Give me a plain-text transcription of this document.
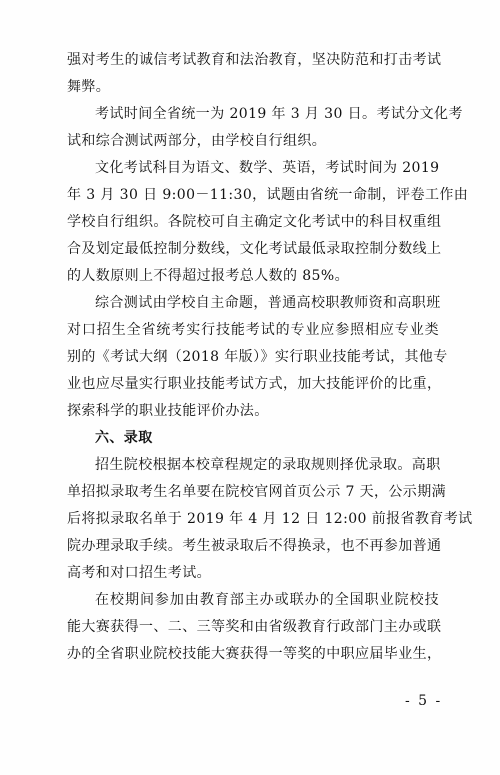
强对考生的诚信考试教育和法治教育，坚决防范和打击考试
舞弊。
考试时间全省统一为 2019 年 3 月 30 日。考试分文化考
试和综合测试两部分，由学校自行组织。
文化考试科目为语文、数学、英语，考试时间为 2019
年 3 月 30 日 9:00－11:30，试题由省统一命制，评卷工作由
学校自行组织。各院校可自主确定文化考试中的科目权重组
合及划定最低控制分数线，文化考试最低录取控制分数线上
的人数原则上不得超过报考总人数的 85%。
综合测试由学校自主命题，普通高校职教师资和高职班
对口招生全省统考实行技能考试的专业应参照相应专业类
别的《考试大纲（2018 年版）》实行职业技能考试，其他专
业也应尽量实行职业技能考试方式，加大技能评价的比重，
探索科学的职业技能评价办法。
六、录取
招生院校根据本校章程规定的录取规则择优录取。高职
单招拟录取考生名单要在院校官网首页公示 7 天，公示期满
后将拟录取名单于 2019 年 4 月 12 日 12:00 前报省教育考试
院办理录取手续。考生被录取后不得换录，也不再参加普通
高考和对口招生考试。
在校期间参加由教育部主办或联办的全国职业院校技
能大赛获得一、二、三等奖和由省级教育行政部门主办或联
办的全省职业院校技能大赛获得一等奖的中职应届毕业生，
- 5 -
